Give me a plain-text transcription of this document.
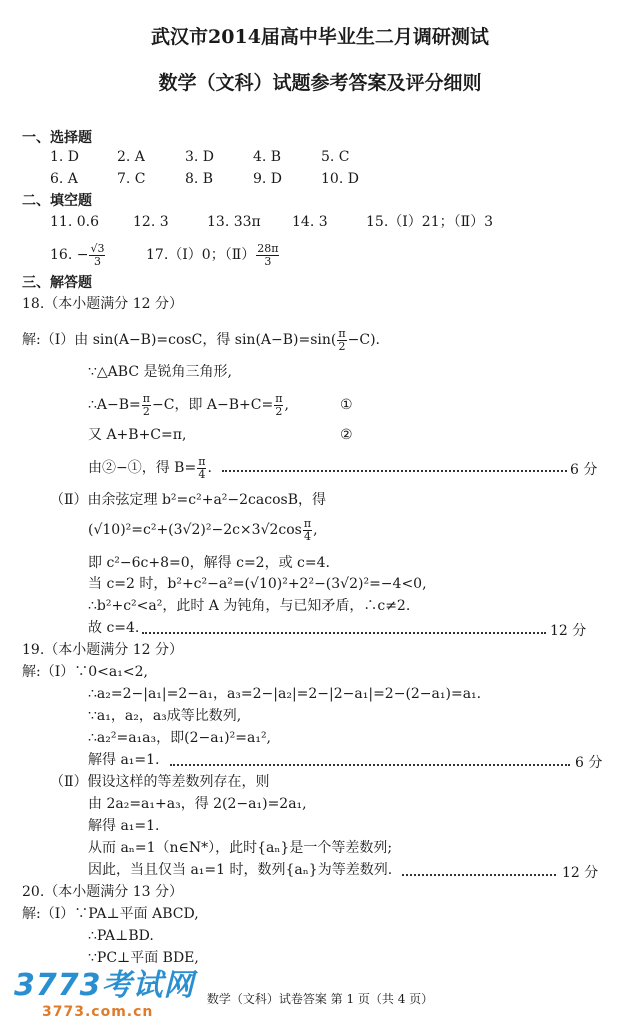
武汉市2014届高中毕业生二月调研测试
数学（文科）试题参考答案及评分细则
一、选择题
1. D	2. A	3. D	4. B	5. C
6. A	7. C	8. B	9. D	10. D
二、填空题
11. 0.6 12. 3	13. 33π 14. 3	15.（Ⅰ）21；（Ⅱ）3
16. − $\frac{√3}{3}$	17.（Ⅰ）0；（Ⅱ） $\frac{28\pi}{3}$
三、解答题
18.（本小题满分 12 分）
解:（Ⅰ）由 sin(A−B)=cosC，得 $\sin(A-B)=\sin( \frac{\pi}{2} -C)$.
∵△ABC 是锐角三角形,
∴A−B= $\frac{\pi}{2} -C$，即 $A-B+C= \frac{\pi}{2}$ ,	①
又 A+B+C=π,	②
由②−①，得 $B= \frac{\pi}{4}$ .	6 分
（Ⅱ）由余弦定理 b²=c²+a²−2cacosB，得
$(√10)^2=c^2+(3√2)^2-2c\times 3√2\cos \frac{\pi}{4}$ ,
即 c²−6c+8=0，解得 c=2，或 c=4.
当 c=2 时，b²+c²−a²=(√10)²+2²−(3√2)²=−4<0,
∴b²+c²<a²，此时 A 为钝角，与已知矛盾，∴c≠2.
故 c=4.	12 分
19.（本小题满分 12 分）
解:（Ⅰ）∵0<a₁<2,
∴a₂=2−|a₁|=2−a₁，a₃=2−|a₂|=2−|2−a₁|=2−(2−a₁)=a₁.
∵a₁，a₂，a₃成等比数列,
∴a₂²=a₁a₃，即(2−a₁)²=a₁²,
解得 a₁=1.	6 分
（Ⅱ）假设这样的等差数列存在，则
由 2a₂=a₁+a₃，得 2(2−a₁)=2a₁,
解得 a₁=1.
从而 aₙ=1（n∈N*），此时{aₙ}是一个等差数列;
因此，当且仅当 a₁=1 时，数列{aₙ}为等差数列.	12 分
20.（本小题满分 13 分）
解:（Ⅰ）∵PA⊥平面 ABCD,
∴PA⊥BD.
∵PC⊥平面 BDE,
3773考试网
3773.com.cn
数学（文科）试卷答案 第 1 页（共 4 页）
